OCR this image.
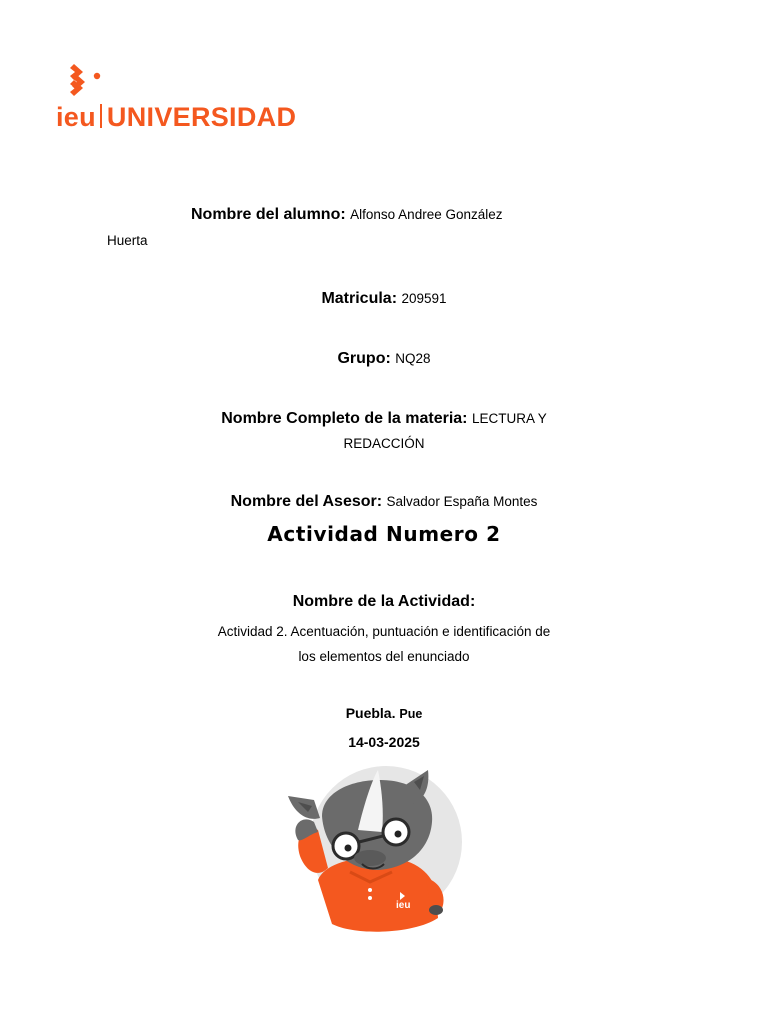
ieu UNIVERSIDAD
Nombre del alumno: Alfonso Andree González
Huerta
Matricula: 209591
Grupo: NQ28
Nombre Completo de la materia: LECTURA Y
REDACCIÓN
Nombre del Asesor: Salvador España Montes
Actividad Numero 2
Nombre de la Actividad:
Actividad 2. Acentuación, puntuación e identificación de
los elementos del enunciado
Puebla. Pue
14-03-2025
ieu
